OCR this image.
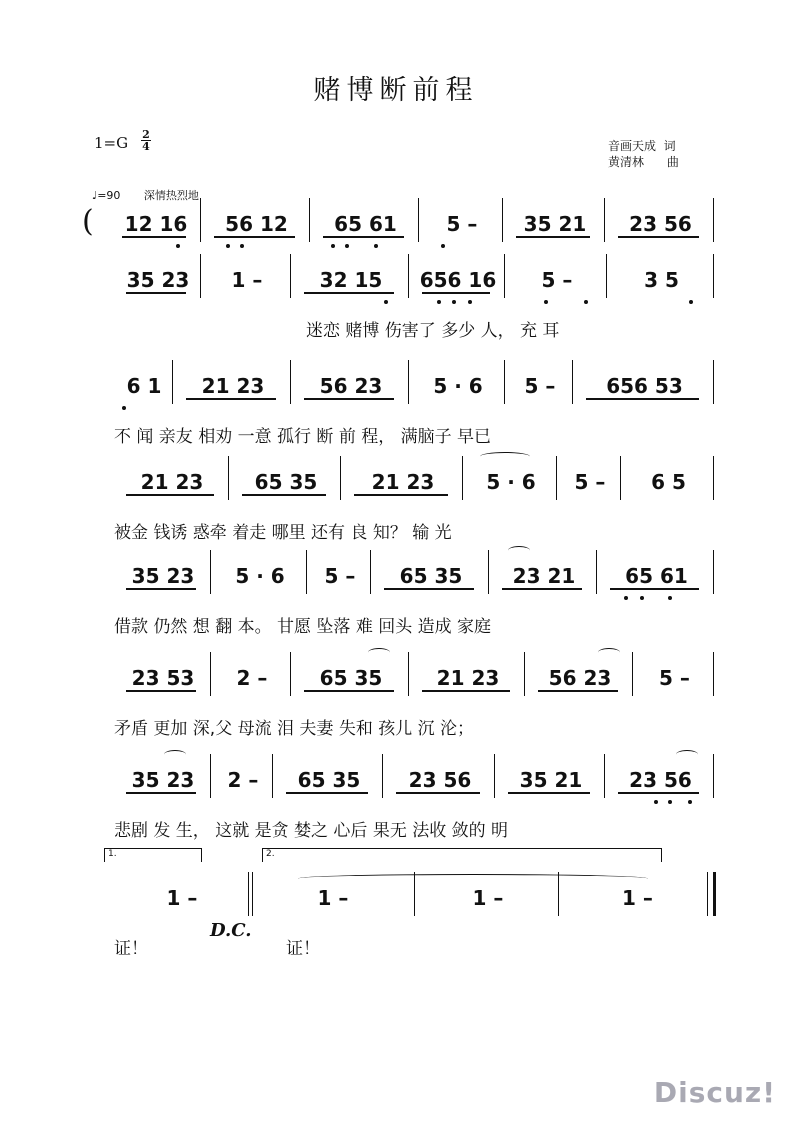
赌博断前程
1=G 2
4	音画天成  词
黄清林      曲
♩=90 深情热烈地
(	12 16	56 12	65 61	5 –	35 21	23 56
35 23	1 –	32 15	656 16	5 –	3 5
迷恋 赌博 伤害了 多少 人， 充 耳
6 1	21 23	56 23	5 · 6	5 –	656 53
不 闻 亲友 相劝 一意 孤行 断 前 程， 满脑子 早已
21 23	65 35	21 23	5 · 6	5 –	6 5
被金 钱诱 惑牵 着走 哪里 还有 良 知？ 输 光
35 23	5 · 6	5 –	65 35	23 21	65 61
借款 仍然 想 翻 本。 甘愿 坠落 难 回头 造成 家庭
23 53	2 –	65 35	21 23	56 23	5 –
矛盾 更加 深,父 母流 泪 夫妻 失和 孩儿 沉 沦；
35 23	2 –	65 35	23 56	35 21	23 56
悲剧 发 生， 这就 是贪 婪之 心后 果无 法收 敛的 明
1 –	1 –	1 –	1 –
证！	证！
D.C.
1.	2.
Discuz!
